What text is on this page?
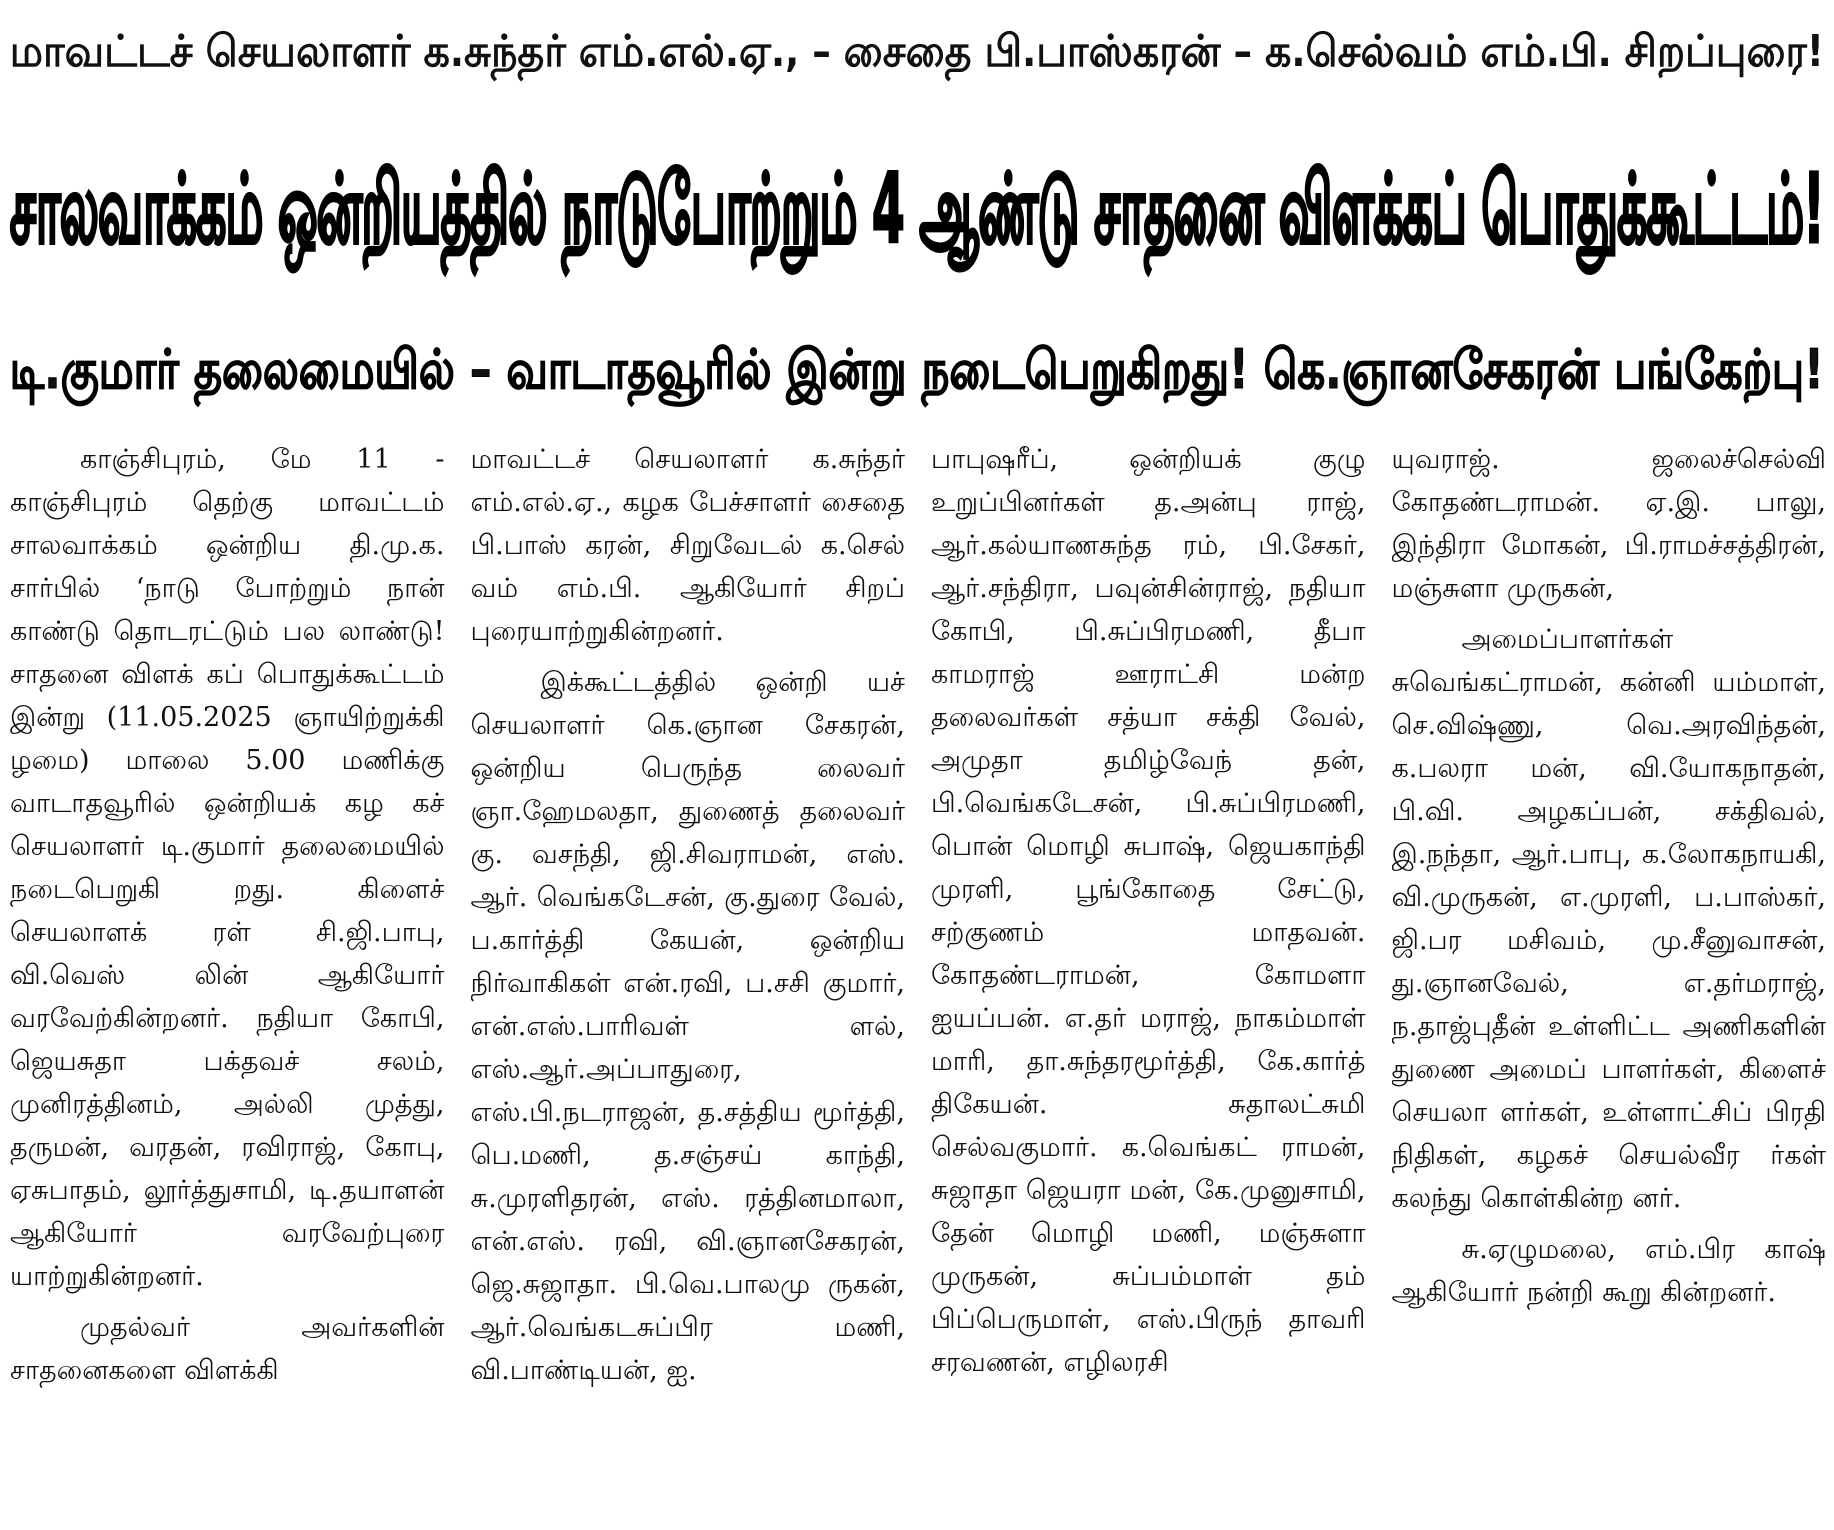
மாவட்டச் செயலாளர் க.சுந்தர் எம்.எல்.ஏ., – சைதை பி.பாஸ்கரன் – க.செல்வம் எம்.பி. சிறப்புரை!
சாலவாக்கம் ஒன்றியத்தில் நாடுபோற்றும் 4 ஆண்டு சாதனை விளக்கப் பொதுக்கூட்டம்!
டி.குமார் தலைமையில் – வாடாதவூரில் இன்று நடைபெறுகிறது! கெ.ஞானசேகரன் பங்கேற்பு!

காஞ்சிபுரம், மே 11 - காஞ்சிபுரம் தெற்கு மாவட்டம் சாலவாக்கம் ஒன்றிய தி.மு.க. சார்பில் ‘நாடு போற்றும் நான் காண்டு தொடரட்டும் பல லாண்டு! சாதனை விளக் கப் பொதுக்கூட்டம் இன்று (11.05.2025 ஞாயிற்றுக்கி ழமை) மாலை 5.00 மணிக்கு வாடாதவூரில் ஒன்றியக் கழ கச் செயலாளர் டி.குமார் தலைமையில் நடைபெறுகி றது. கிளைச் செயலாளக் ரள் சி.ஜி.பாபு, வி.வெஸ் லின் ஆகியோர் வரவேற்கின்றனர். நதியா கோபி, ஜெயசுதா பக்தவச் சலம், முனிரத்தினம், அல்லி முத்து, தருமன், வரதன், ரவிராஜ், கோபு, ஏசுபாதம், லூர்த்துசாமி, டி.தயாளன் ஆகியோர் வரவேற்புரை யாற்றுகின்றனர்.

முதல்வர் அவர்களின் சாதனைகளை விளக்கி

மாவட்டச் செயலாளர் க.சுந்தர் எம்.எல்.ஏ., கழக பேச்சாளர் சைதை பி.பாஸ் கரன், சிறுவேடல் க.செல் வம் எம்.பி. ஆகியோர் சிறப் புரையாற்றுகின்றனர்.

இக்கூட்டத்தில் ஒன்றி யச் செயலாளர் கெ.ஞான சேகரன், ஒன்றிய பெருந்த லைவர் ஞா.ஹேமலதா, துணைத் தலைவர் கு. வசந்தி, ஜி.சிவராமன், எஸ். ஆர். வெங்கடேசன், கு.துரை வேல், ப.கார்த்தி கேயன், ஒன்றிய நிர்வாகிகள் என்.ரவி, ப.சசி குமார், என்.எஸ்.பாரிவள் ளல், எஸ்.ஆர்.அப்பாதுரை, எஸ்.பி.நடராஜன், த.சத்திய மூர்த்தி, பெ.மணி, த.சஞ்சய் காந்தி, சு.முரளிதரன், எஸ். ரத்தினமாலா, என்.எஸ். ரவி, வி.ஞானசேகரன், ஜெ.சுஜாதா. பி.வெ.பாலமு ருகன், ஆர்.வெங்கடசுப்பிர மணி, வி.பாண்டியன், ஐ.

பாபுஷரீப், ஒன்றியக் குழு உறுப்பினர்கள் த.அன்பு ராஜ், ஆர்.கல்யாணசுந்த ரம், பி.சேகர், ஆர்.சந்திரா, பவுன்சின்ராஜ், நதியா கோபி, பி.சுப்பிரமணி, தீபா காமராஜ் ஊராட்சி மன்ற தலைவர்கள் சத்யா சக்தி வேல், அமுதா தமிழ்வேந் தன், பி.வெங்கடேசன், பி.சுப்பிரமணி, பொன் மொழி சுபாஷ், ஜெயகாந்தி முரளி, பூங்கோதை சேட்டு, சற்குணம் மாதவன். கோதண்டராமன், கோமளா ஐயப்பன். எ.தர் மராஜ், நாகம்மாள் மாரி, தா.சுந்தரமூர்த்தி, கே.கார்த் திகேயன். சுதாலட்சுமி செல்வகுமார். க.வெங்கட் ராமன், சுஜாதா ஜெயரா மன், கே.முனுசாமி, தேன் மொழி மணி, மஞ்சுளா முருகன், சுப்பம்மாள் தம் பிப்பெருமாள், எஸ்.பிருந் தாவரி சரவணன், எழிலரசி

யுவராஜ். ஜலைச்செல்வி கோதண்டராமன். ஏ.இ. பாலு, இந்திரா மோகன், பி.ராமச்சத்திரன், மஞ்சுளா முருகன்,

அமைப்பாளர்கள் சுவெங்கட்ராமன், கன்னி யம்மாள், செ.விஷ்ணு, வெ.அரவிந்தன், க.பலரா மன், வி.யோகநாதன், பி.வி. அழகப்பன், சக்திவல், இ.நந்தா, ஆர்.பாபு, க.லோகநாயகி, வி.முருகன், எ.முரளி, ப.பாஸ்கர், ஜி.பர மசிவம், மு.சீனுவாசன், து.ஞானவேல், எ.தர்மராஜ், ந.தாஜ்புதீன் உள்ளிட்ட அணிகளின் துணை அமைப் பாளர்கள், கிளைச் செயலா ளர்கள், உள்ளாட்சிப் பிரதி நிதிகள், கழகச் செயல்வீர ர்கள் கலந்து கொள்கின்ற னர்.

சு.ஏழுமலை, எம்.பிர காஷ் ஆகியோர் நன்றி கூறு கின்றனர்.
